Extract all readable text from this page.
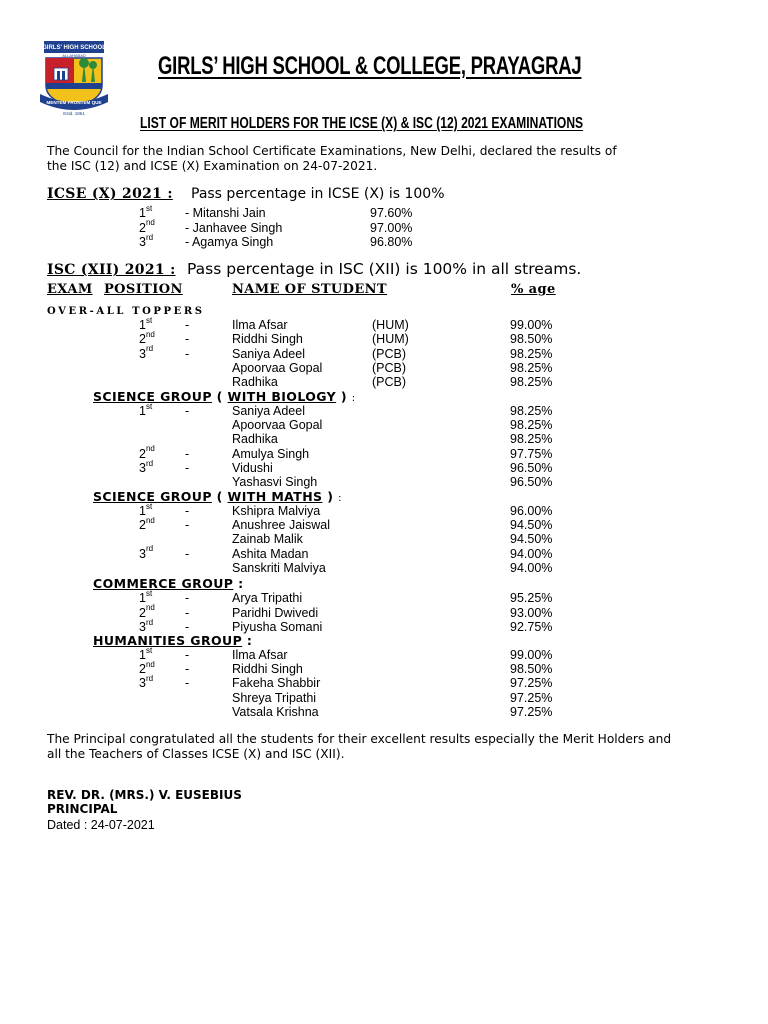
GIRLS' HIGH SCHOOL
ALLAHABAD
MENTEM FRONTEM QUE
Estd. 1861
GIRLS’ HIGH SCHOOL & COLLEGE, PRAYAGRAJ
LIST OF MERIT HOLDERS FOR THE ICSE (X) & ISC (12) 2021 EXAMINATIONS
The Council for the Indian School Certificate Examinations, New Delhi, declared the results of
the ISC (12) and ICSE (X) Examination on 24-07-2021.
ICSE (X) 2021 : Pass percentage in ICSE (X) is 100%
1st	- Mitanshi Jain	97.60%
2nd - Janhavee Singh	97.00%
3rd	- Agamya Singh	96.80%
ISC (XII) 2021 : Pass percentage in ISC (XII) is 100% in all streams.
EXAM POSITION	NAME OF STUDENT	% age
OVER-ALL TOPPERS
1st	-	Ilma Afsar	(HUM)	99.00%
2nd -	Riddhi Singh	(HUM)	98.50%
3rd	-	Saniya Adeel	(PCB)	98.25%
Apoorvaa Gopal	(PCB)	98.25%
Radhika	(PCB)	98.25%
SCIENCE GROUP ( WITH BIOLOGY ) :
1st	-	Saniya Adeel	98.25%
Apoorvaa Gopal	98.25%
Radhika	98.25%
2nd -	Amulya Singh	97.75%
3rd	-	Vidushi	96.50%
Yashasvi Singh	96.50%
SCIENCE GROUP ( WITH MATHS ) :
1st	-	Kshipra Malviya	96.00%
2nd -	Anushree Jaiswal	94.50%
Zainab Malik	94.50%
3rd	-	Ashita Madan	94.00%
Sanskriti Malviya	94.00%
COMMERCE GROUP :
1st	-	Arya Tripathi	95.25%
2nd -	Paridhi Dwivedi	93.00%
3rd	-	Piyusha Somani	92.75%
HUMANITIES GROUP :
1st	-	Ilma Afsar	99.00%
2nd -	Riddhi Singh	98.50%
3rd	-	Fakeha Shabbir	97.25%
Shreya Tripathi	97.25%
Vatsala Krishna	97.25%
The Principal congratulated all the students for their excellent results especially the Merit Holders and
all the Teachers of Classes ICSE (X) and ISC (XII).
REV. DR. (MRS.) V. EUSEBIUS
PRINCIPAL
Dated : 24-07-2021
